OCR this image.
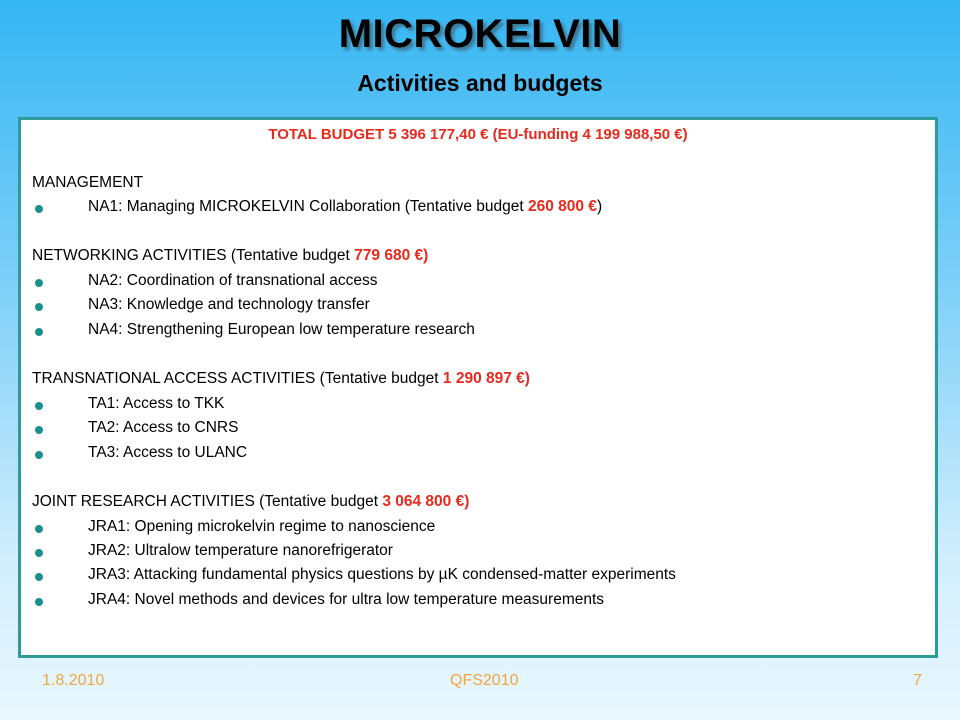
MICROKELVIN
Activities and budgets
TOTAL BUDGET 5 396 177,40 € (EU-funding 4 199 988,50 €)
MANAGEMENT
NA1: Managing MICROKELVIN Collaboration (Tentative budget 260 800 €)
NETWORKING ACTIVITIES (Tentative budget 779 680 €)
NA2: Coordination of transnational access
NA3: Knowledge and technology transfer
NA4: Strengthening European low temperature research
TRANSNATIONAL ACCESS ACTIVITIES (Tentative budget 1 290 897 €)
TA1: Access to TKK
TA2: Access to CNRS
TA3: Access to ULANC
JOINT RESEARCH ACTIVITIES (Tentative budget 3 064 800 €)
JRA1: Opening microkelvin regime to nanoscience
JRA2: Ultralow temperature nanorefrigerator
JRA3: Attacking fundamental physics questions by µK condensed-matter experiments
JRA4: Novel methods and devices for ultra low temperature measurements
1.8.2010	QFS2010	7
